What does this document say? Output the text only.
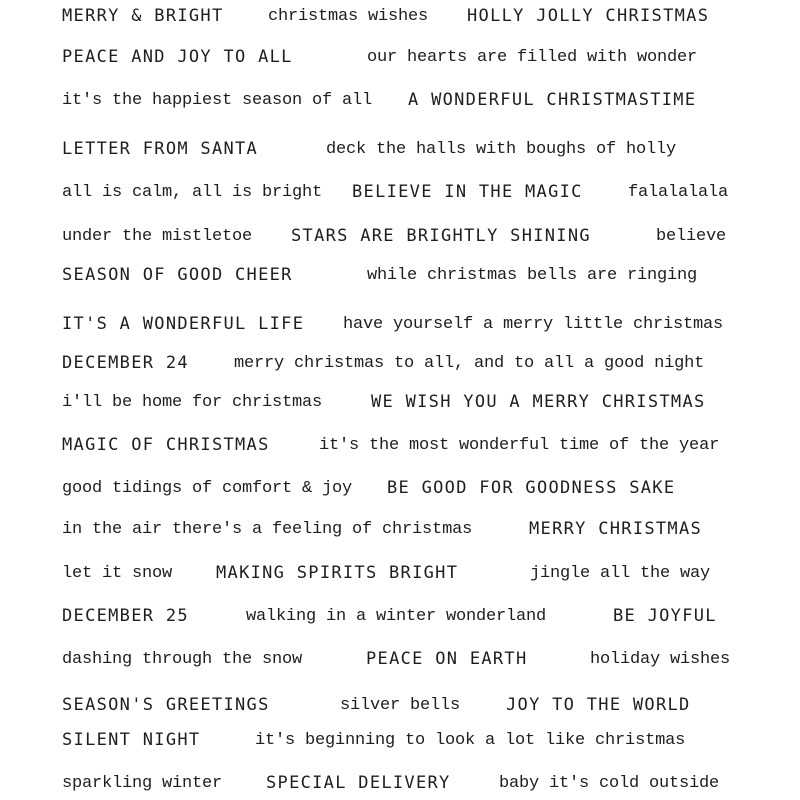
MERRY & BRIGHT	christmas wishes HOLLY JOLLY CHRISTMAS
PEACE AND JOY TO ALL	our hearts are filled with wonder
it's the happiest season of all A WONDERFUL CHRISTMASTIME
LETTER FROM SANTA	deck the halls with boughs of holly
all is calm, all is bright BELIEVE IN THE MAGIC	falalalala
under the mistletoe STARS ARE BRIGHTLY SHINING	believe
SEASON OF GOOD CHEER	while christmas bells are ringing
IT'S A WONDERFUL LIFE have yourself a merry little christmas
DECEMBER 24	merry christmas to all, and to all a good night
i'll be home for christmas	WE WISH YOU A MERRY CHRISTMAS
MAGIC OF CHRISTMAS	it's the most wonderful time of the year
good tidings of comfort & joy BE GOOD FOR GOODNESS SAKE
in the air there's a feeling of christmas	MERRY CHRISTMAS
let it snow	MAKING SPIRITS BRIGHT	jingle all the way
DECEMBER 25	walking in a winter wonderland	BE JOYFUL
dashing through the snow	PEACE ON EARTH	holiday wishes
SEASON'S GREETINGS	silver bells	JOY TO THE WORLD
SILENT NIGHT	it's beginning to look a lot like christmas
sparkling winter	SPECIAL DELIVERY	baby it's cold outside
